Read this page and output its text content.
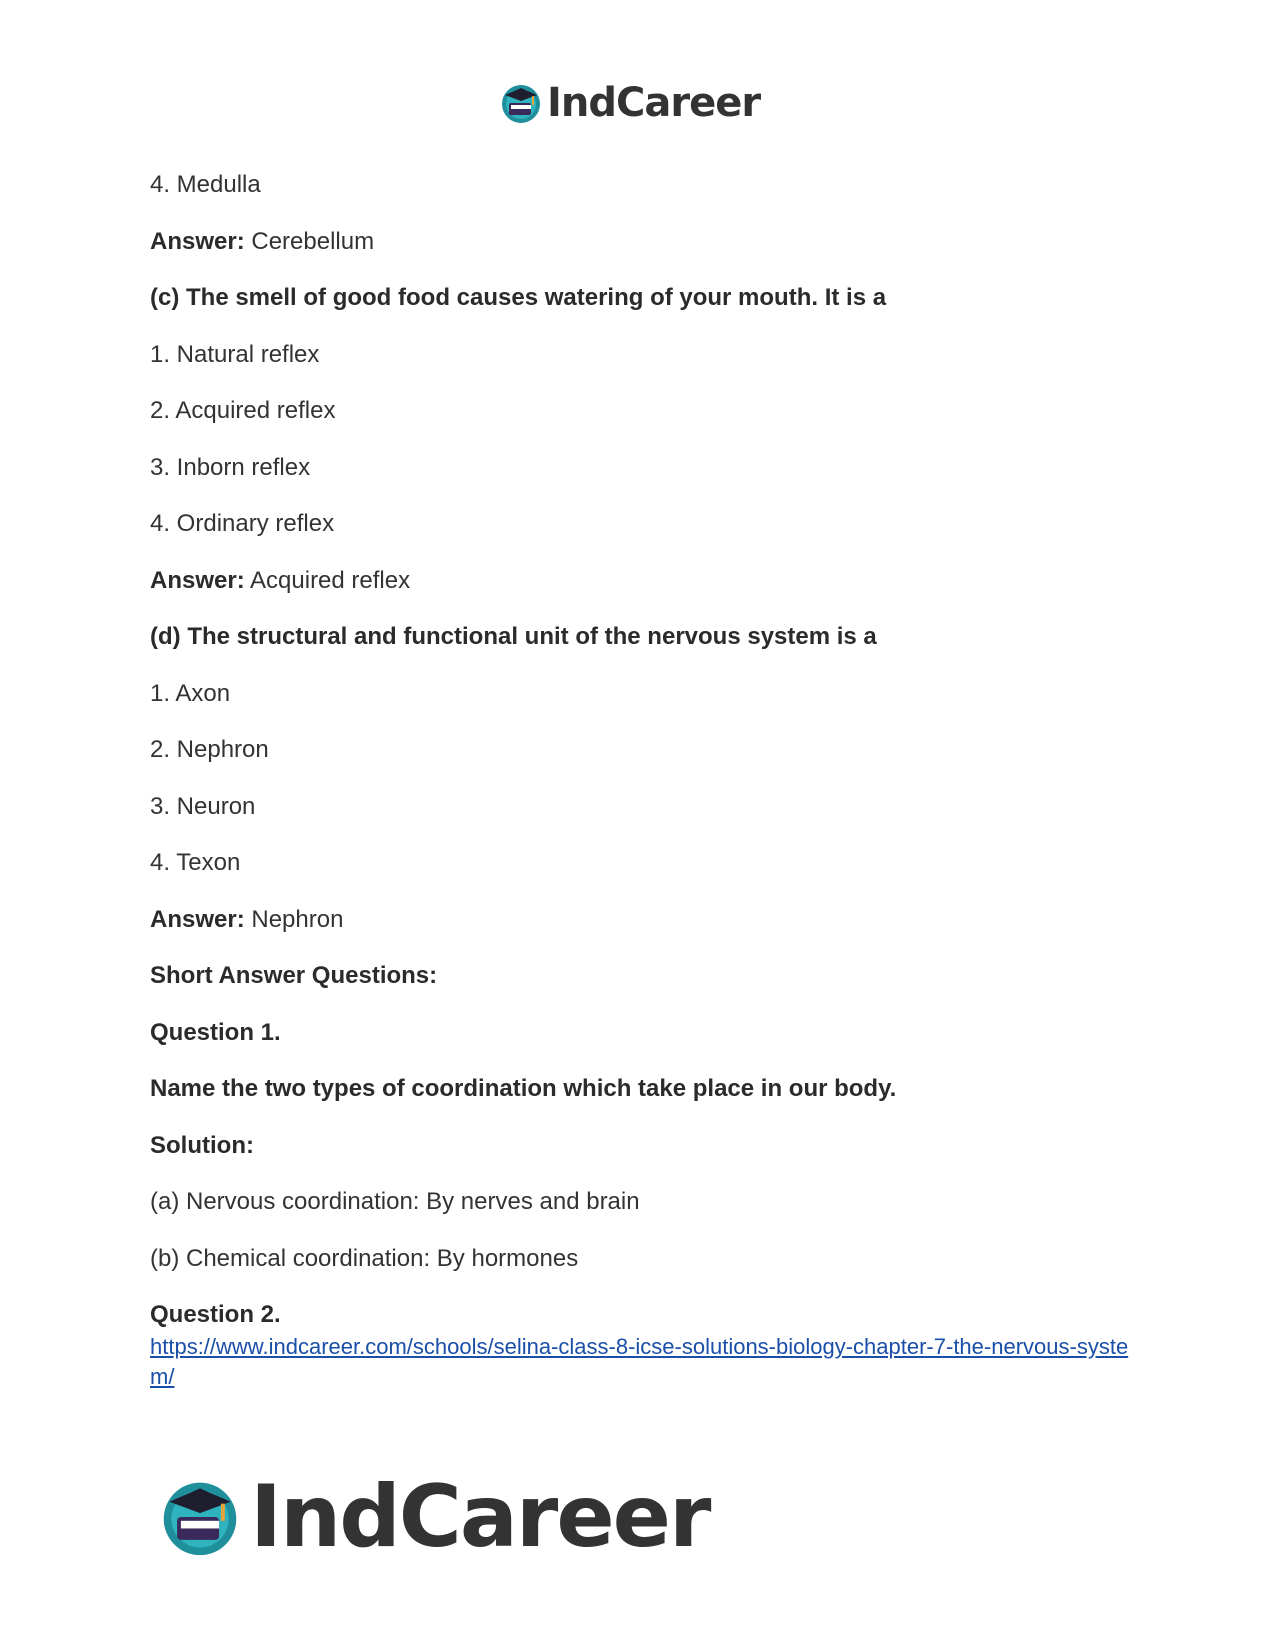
IndCareer
4. Medulla
Answer: Cerebellum
(c) The smell of good food causes watering of your mouth. It is a
1. Natural reflex
2. Acquired reflex
3. Inborn reflex
4. Ordinary reflex
Answer: Acquired reflex
(d) The structural and functional unit of the nervous system is a
1. Axon
2. Nephron
3. Neuron
4. Texon
Answer: Nephron
Short Answer Questions:
Question 1.
Name the two types of coordination which take place in our body.
Solution:
(a) Nervous coordination: By nerves and brain
(b) Chemical coordination: By hormones
Question 2.
https://www.indcareer.com/schools/selina-class-8-icse-solutions-biology-chapter-7-the-nervous-system/
IndCareer
